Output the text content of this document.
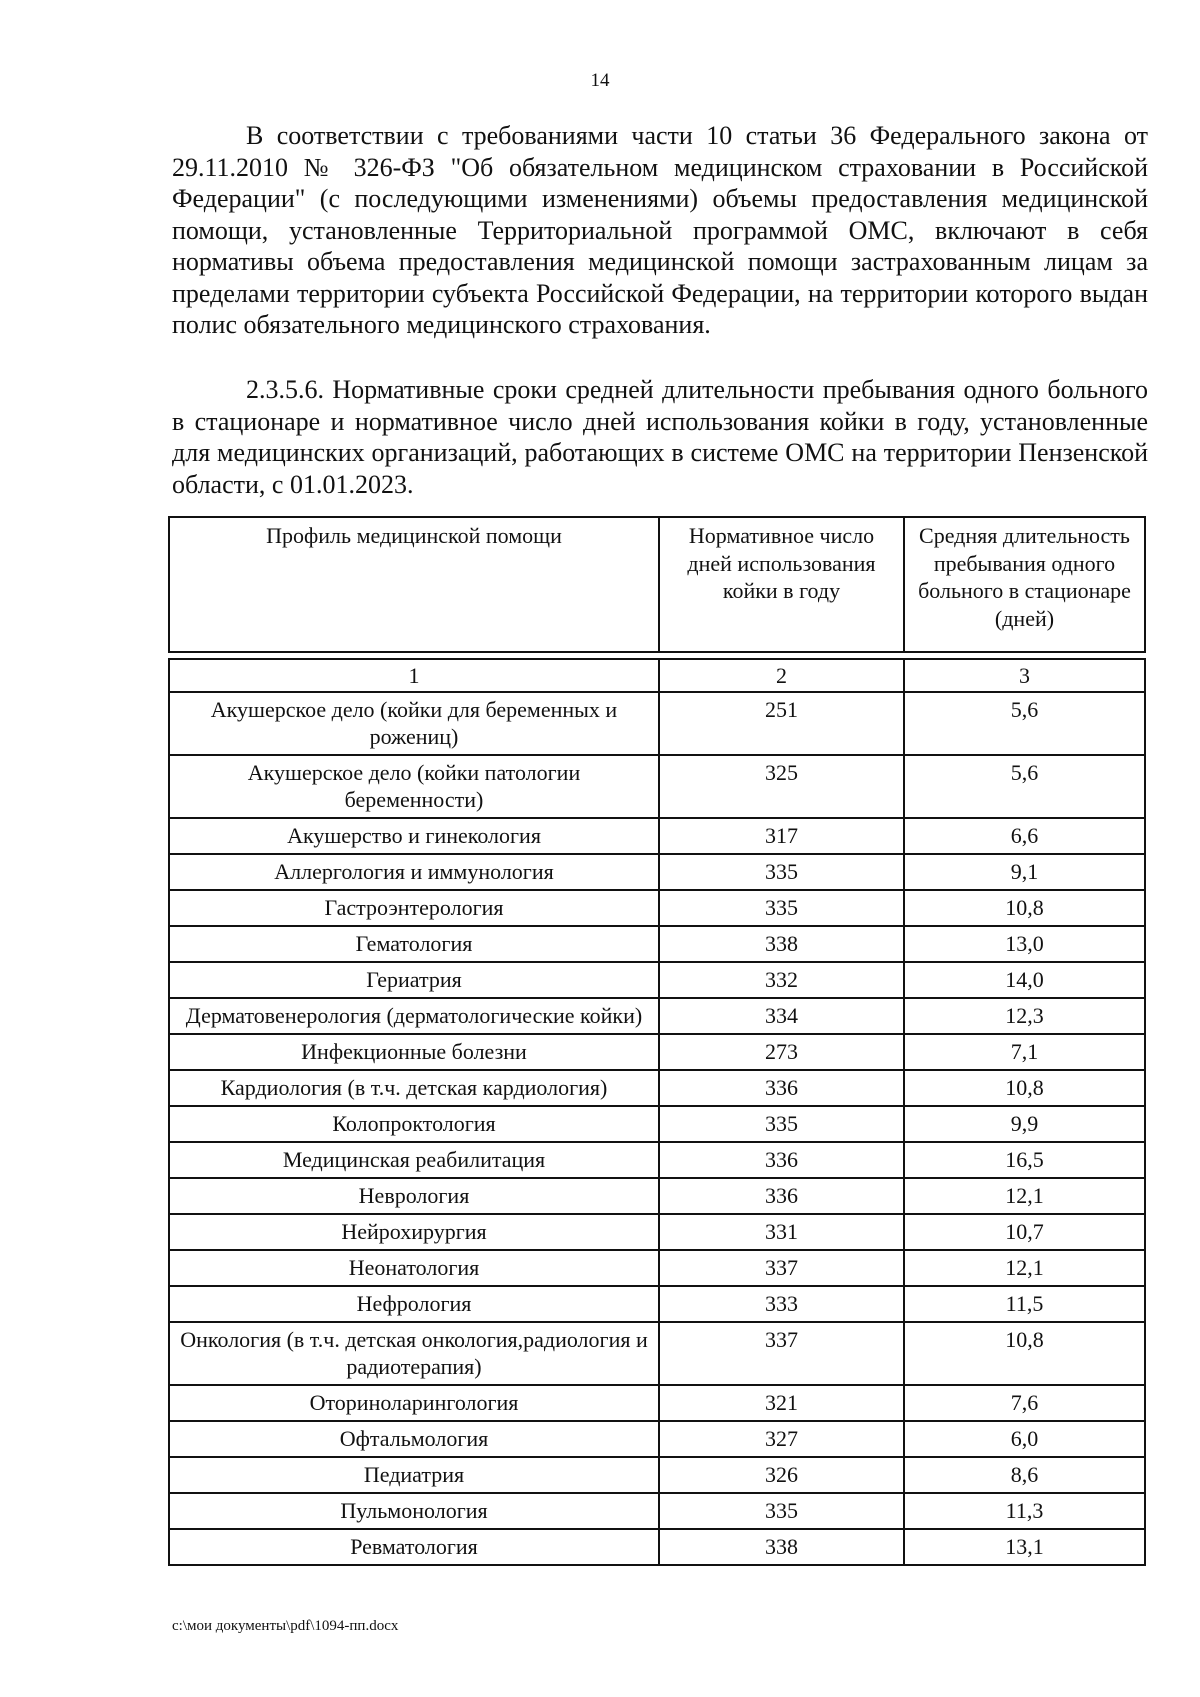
14

В соответствии с требованиями части 10 статьи 36 Федерального закона от 29.11.2010 № 326-ФЗ "Об обязательном медицинском страховании в Российской Федерации" (с последующими изменениями) объемы предоставления медицинской помощи, установленные Территориальной программой ОМС, включают в себя нормативы объема предоставления медицинской помощи застрахованным лицам за пределами территории субъекта Российской Федерации, на территории которого выдан полис обязательного медицинского страхования.

2.3.5.6. Нормативные сроки средней длительности пребывания одного больного в стационаре и нормативное число дней использования койки в году, установленные для медицинских организаций, работающих в системе ОМС на территории Пензенской области, с 01.01.2023.

Профиль медицинской помощи	Нормативное число дней использования койки в году	Средняя длительность пребывания одного больного в стационаре (дней)

1	2	3
Акушерское дело (койки для беременных и рожениц)	251	5,6
Акушерское дело (койки патологии беременности)	325	5,6
Акушерство и гинекология	317	6,6
Аллергология и иммунология	335	9,1
Гастроэнтерология	335	10,8
Гематология	338	13,0
Гериатрия	332	14,0
Дерматовенерология (дерматологические койки)	334	12,3
Инфекционные болезни	273	7,1
Кардиология (в т.ч. детская кардиология)	336	10,8
Колопроктология	335	9,9
Медицинская реабилитация	336	16,5
Неврология	336	12,1
Нейрохирургия	331	10,7
Неонатология	337	12,1
Нефрология	333	11,5
Онкология (в т.ч. детская онкология,радиология и радиотерапия)	337	10,8
Оториноларингология	321	7,6
Офтальмология	327	6,0
Педиатрия	326	8,6
Пульмонология	335	11,3
Ревматология	338	13,1
c:\мои документы\pdf\1094-пп.docx
